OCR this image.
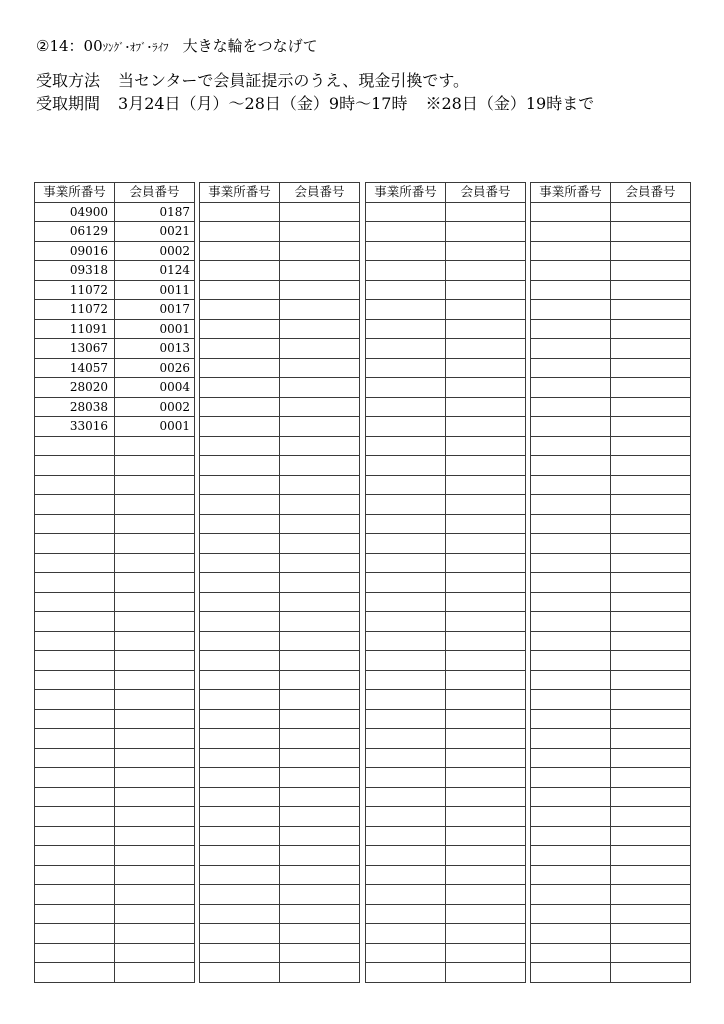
②14：00ｿﾝｸﾞ･ｵﾌﾞ･ﾗｲﾌ 大きな輪をつなげて
受取方法 当センターで会員証提示のうえ、現金引換です。
受取期間 3月24日（月）～28日（金）9時～17時 ※28日（金）19時まで
事業所番号	会員番号
04900	0187
06129	0021
09016	0002
09318	0124
11072	0011
11072	0017
11091	0001
13067	0013
14057	0026
28020	0004
28038	0002
33016	0001

事業所番号	会員番号

	事業所番号	会員番号

	事業所番号	会員番号
